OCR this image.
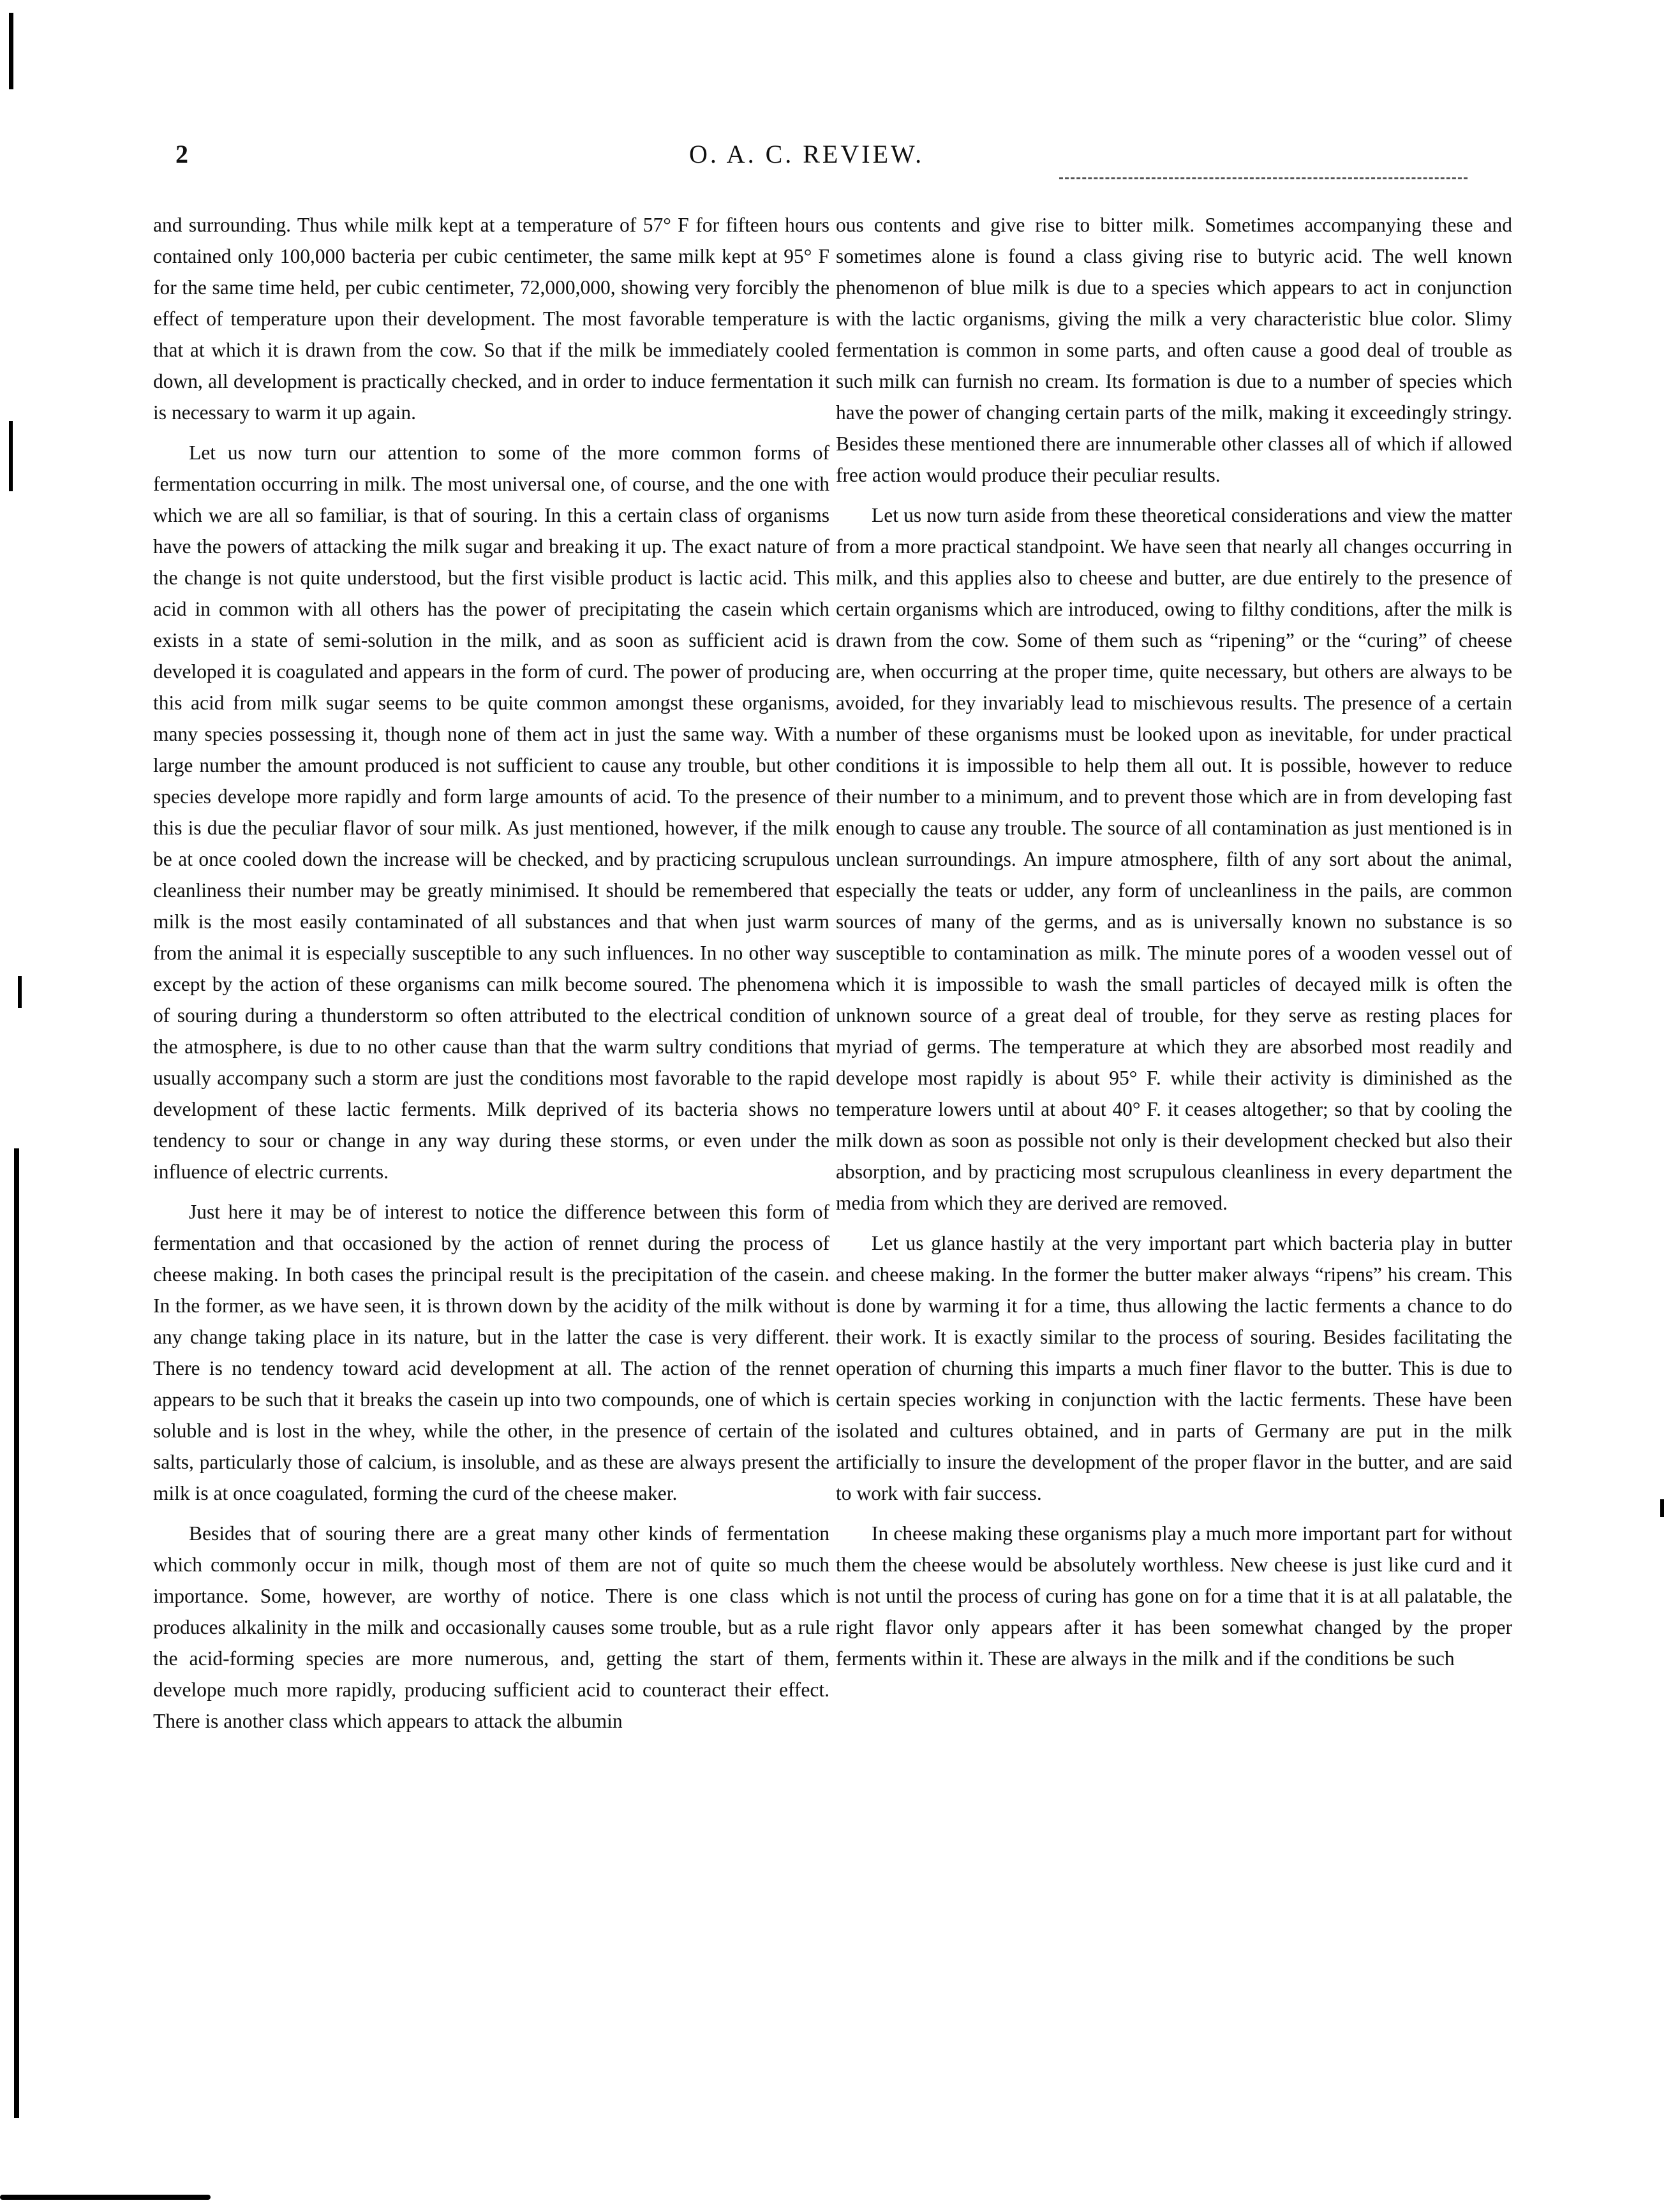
2	O. A. C. REVIEW.

and surrounding. Thus while milk kept at a temperature of 57° F for fifteen hours contained only 100,000 bacteria per cubic centimeter, the same milk kept at 95° F for the same time held, per cubic centimeter, 72,000,000, showing very forcibly the effect of temperature upon their development. The most favorable temperature is that at which it is drawn from the cow. So that if the milk be immediately cooled down, all development is practically checked, and in order to induce fermentation it is necessary to warm it up again.

Let us now turn our attention to some of the more common forms of fermentation occurring in milk. The most universal one, of course, and the one with which we are all so familiar, is that of souring. In this a certain class of organisms have the powers of attacking the milk sugar and breaking it up. The exact nature of the change is not quite understood, but the first visible product is lactic acid. This acid in common with all others has the power of precipitating the casein which exists in a state of semi-solution in the milk, and as soon as sufficient acid is developed it is coagulated and appears in the form of curd. The power of producing this acid from milk sugar seems to be quite common amongst these organisms, many species possessing it, though none of them act in just the same way. With a large number the amount produced is not sufficient to cause any trouble, but other species develope more rapidly and form large amounts of acid. To the presence of this is due the peculiar flavor of sour milk. As just mentioned, however, if the milk be at once cooled down the increase will be checked, and by practicing scrupulous cleanliness their number may be greatly minimised. It should be remembered that milk is the most easily contaminated of all substances and that when just warm from the animal it is especially susceptible to any such influences. In no other way except by the action of these organisms can milk become soured. The phenomena of souring during a thunderstorm so often attributed to the electrical condition of the atmosphere, is due to no other cause than that the warm sultry conditions that usually accompany such a storm are just the conditions most favorable to the rapid development of these lactic ferments. Milk deprived of its bacteria shows no tendency to sour or change in any way during these storms, or even under the influence of electric currents.

Just here it may be of interest to notice the difference between this form of fermentation and that occasioned by the action of rennet during the process of cheese making. In both cases the principal result is the precipitation of the casein. In the former, as we have seen, it is thrown down by the acidity of the milk without any change taking place in its nature, but in the latter the case is very different. There is no tendency toward acid development at all. The action of the rennet appears to be such that it breaks the casein up into two compounds, one of which is soluble and is lost in the whey, while the other, in the presence of certain of the salts, particularly those of calcium, is insoluble, and as these are always present the milk is at once coagulated, forming the curd of the cheese maker.

Besides that of souring there are a great many other kinds of fermentation which commonly occur in milk, though most of them are not of quite so much importance. Some, however, are worthy of notice. There is one class which produces alkalinity in the milk and occasionally causes some trouble, but as a rule the acid-forming species are more numerous, and, getting the start of them, develope much more rapidly, producing sufficient acid to counteract their effect. There is another class which appears to attack the albumin

ous contents and give rise to bitter milk. Sometimes accompanying these and sometimes alone is found a class giving rise to butyric acid. The well known phenomenon of blue milk is due to a species which appears to act in conjunction with the lactic organisms, giving the milk a very characteristic blue color. Slimy fermentation is common in some parts, and often cause a good deal of trouble as such milk can furnish no cream. Its formation is due to a number of species which have the power of changing certain parts of the milk, making it exceedingly stringy. Besides these mentioned there are innumerable other classes all of which if allowed free action would produce their peculiar results.

Let us now turn aside from these theoretical considerations and view the matter from a more practical standpoint. We have seen that nearly all changes occurring in milk, and this applies also to cheese and butter, are due entirely to the presence of certain organisms which are introduced, owing to filthy conditions, after the milk is drawn from the cow. Some of them such as “ripening” or the “curing” of cheese are, when occurring at the proper time, quite necessary, but others are always to be avoided, for they invariably lead to mischievous results. The presence of a certain number of these organisms must be looked upon as inevitable, for under practical conditions it is impossible to help them all out. It is possible, however to reduce their number to a minimum, and to prevent those which are in from developing fast enough to cause any trouble. The source of all contamination as just mentioned is in unclean surroundings. An impure atmosphere, filth of any sort about the animal, especially the teats or udder, any form of uncleanliness in the pails, are common sources of many of the germs, and as is universally known no substance is so susceptible to contamination as milk. The minute pores of a wooden vessel out of which it is impossible to wash the small particles of decayed milk is often the unknown source of a great deal of trouble, for they serve as resting places for myriad of germs. The temperature at which they are absorbed most readily and develope most rapidly is about 95° F. while their activity is diminished as the temperature lowers until at about 40° F. it ceases altogether; so that by cooling the milk down as soon as possible not only is their development checked but also their absorption, and by practicing most scrupulous cleanliness in every department the media from which they are derived are removed.

Let us glance hastily at the very important part which bacteria play in butter and cheese making. In the former the butter maker always “ripens” his cream. This is done by warming it for a time, thus allowing the lactic ferments a chance to do their work. It is exactly similar to the process of souring. Besides facilitating the operation of churning this imparts a much finer flavor to the butter. This is due to certain species working in conjunction with the lactic ferments. These have been isolated and cultures obtained, and in parts of Germany are put in the milk artificially to insure the development of the proper flavor in the butter, and are said to work with fair success.

In cheese making these organisms play a much more important part for without them the cheese would be absolutely worthless. New cheese is just like curd and it is not until the process of curing has gone on for a time that it is at all palatable, the right flavor only appears after it has been somewhat changed by the proper ferments within it. These are always in the milk and if the conditions be such
